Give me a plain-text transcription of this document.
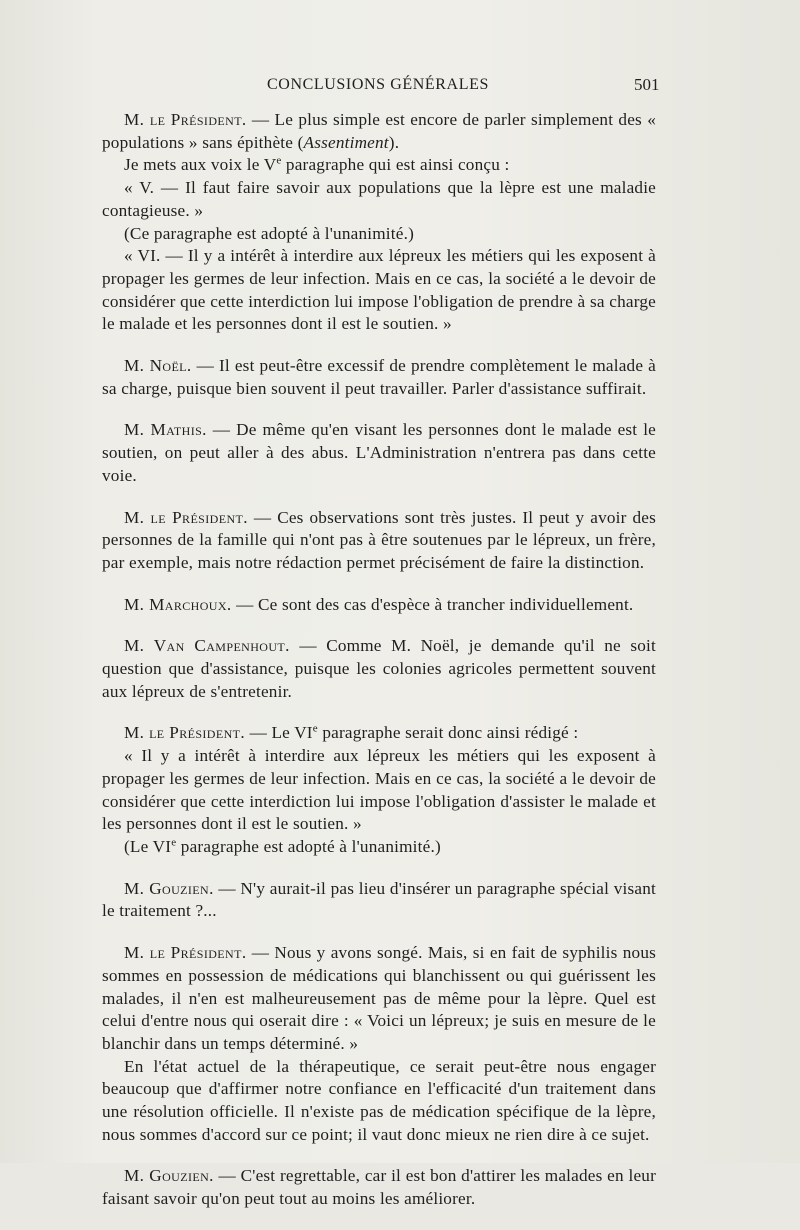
CONCLUSIONS GÉNÉRALES	501

M. le Président. — Le plus simple est encore de parler simplement des « populations » sans épithète (Assentiment).

Je mets aux voix le Ve paragraphe qui est ainsi conçu :

« V. — Il faut faire savoir aux populations que la lèpre est une maladie contagieuse. »

(Ce paragraphe est adopté à l'unanimité.)

« VI. — Il y a intérêt à interdire aux lépreux les métiers qui les exposent à propager les germes de leur infection. Mais en ce cas, la société a le devoir de considérer que cette interdiction lui impose l'obligation de prendre à sa charge le malade et les personnes dont il est le soutien. »

M. Noël. — Il est peut-être excessif de prendre complètement le malade à sa charge, puisque bien souvent il peut travailler. Parler d'assistance suffirait.

M. Mathis. — De même qu'en visant les personnes dont le malade est le soutien, on peut aller à des abus. L'Administration n'entrera pas dans cette voie.

M. le Président. — Ces observations sont très justes. Il peut y avoir des personnes de la famille qui n'ont pas à être soutenues par le lépreux, un frère, par exemple, mais notre rédaction permet précisément de faire la distinction.

M. Marchoux. — Ce sont des cas d'espèce à trancher individuellement.

M. Van Campenhout. — Comme M. Noël, je demande qu'il ne soit question que d'assistance, puisque les colonies agricoles permettent souvent aux lépreux de s'entretenir.

M. le Président. — Le VIe paragraphe serait donc ainsi rédigé :

« Il y a intérêt à interdire aux lépreux les métiers qui les exposent à propager les germes de leur infection. Mais en ce cas, la société a le devoir de considérer que cette interdiction lui impose l'obligation d'assister le malade et les personnes dont il est le soutien. »

(Le VIe paragraphe est adopté à l'unanimité.)

M. Gouzien. — N'y aurait-il pas lieu d'insérer un paragraphe spécial visant le traitement ?...

M. le Président. — Nous y avons songé. Mais, si en fait de syphilis nous sommes en possession de médications qui blanchissent ou qui guérissent les malades, il n'en est malheureusement pas de même pour la lèpre. Quel est celui d'entre nous qui oserait dire : « Voici un lépreux; je suis en mesure de le blanchir dans un temps déterminé. »

En l'état actuel de la thérapeutique, ce serait peut-être nous engager beaucoup que d'affirmer notre confiance en l'efficacité d'un traitement dans une résolution officielle. Il n'existe pas de médication spécifique de la lèpre, nous sommes d'accord sur ce point; il vaut donc mieux ne rien dire à ce sujet.

M. Gouzien. — C'est regrettable, car il est bon d'attirer les malades en leur faisant savoir qu'on peut tout au moins les améliorer.
